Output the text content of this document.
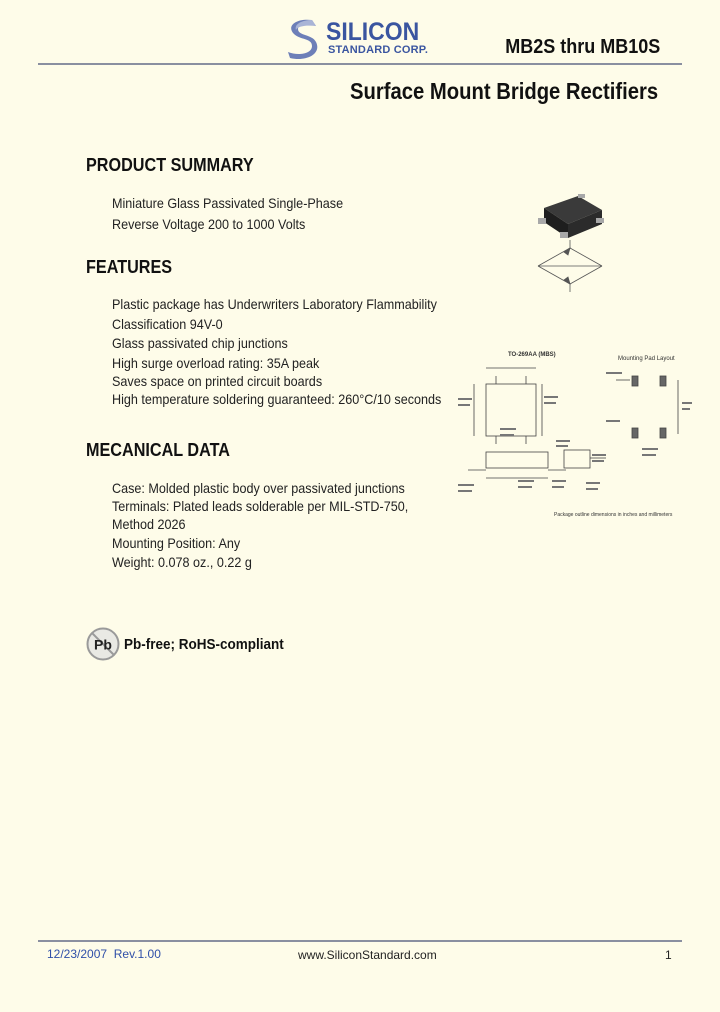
SILICON
STANDARD CORP.	MB2S thru MB10S
Surface Mount Bridge Rectifiers
PRODUCT SUMMARY
Miniature Glass Passivated Single-Phase
Reverse Voltage 200 to 1000 Volts
FEATURES
Plastic package has Underwriters Laboratory Flammability
Classification 94V-0
Glass passivated chip junctions
High surge overload rating: 35A peak
Saves space on printed circuit boards
High temperature soldering guaranteed: 260°C/10 seconds
MECANICAL DATA
Case: Molded plastic body over passivated junctions
Terminals: Plated leads solderable per MIL-STD-750,
Method 2026
Mounting Position: Any
Weight: 0.078 oz., 0.22 g
Pb Pb-free; RoHS-compliant
TO-269AA (MBS)
Mounting Pad Layout
Package outline dimensions in inches and millimeters
12/23/2007  Rev.1.00	www.SiliconStandard.com	1
